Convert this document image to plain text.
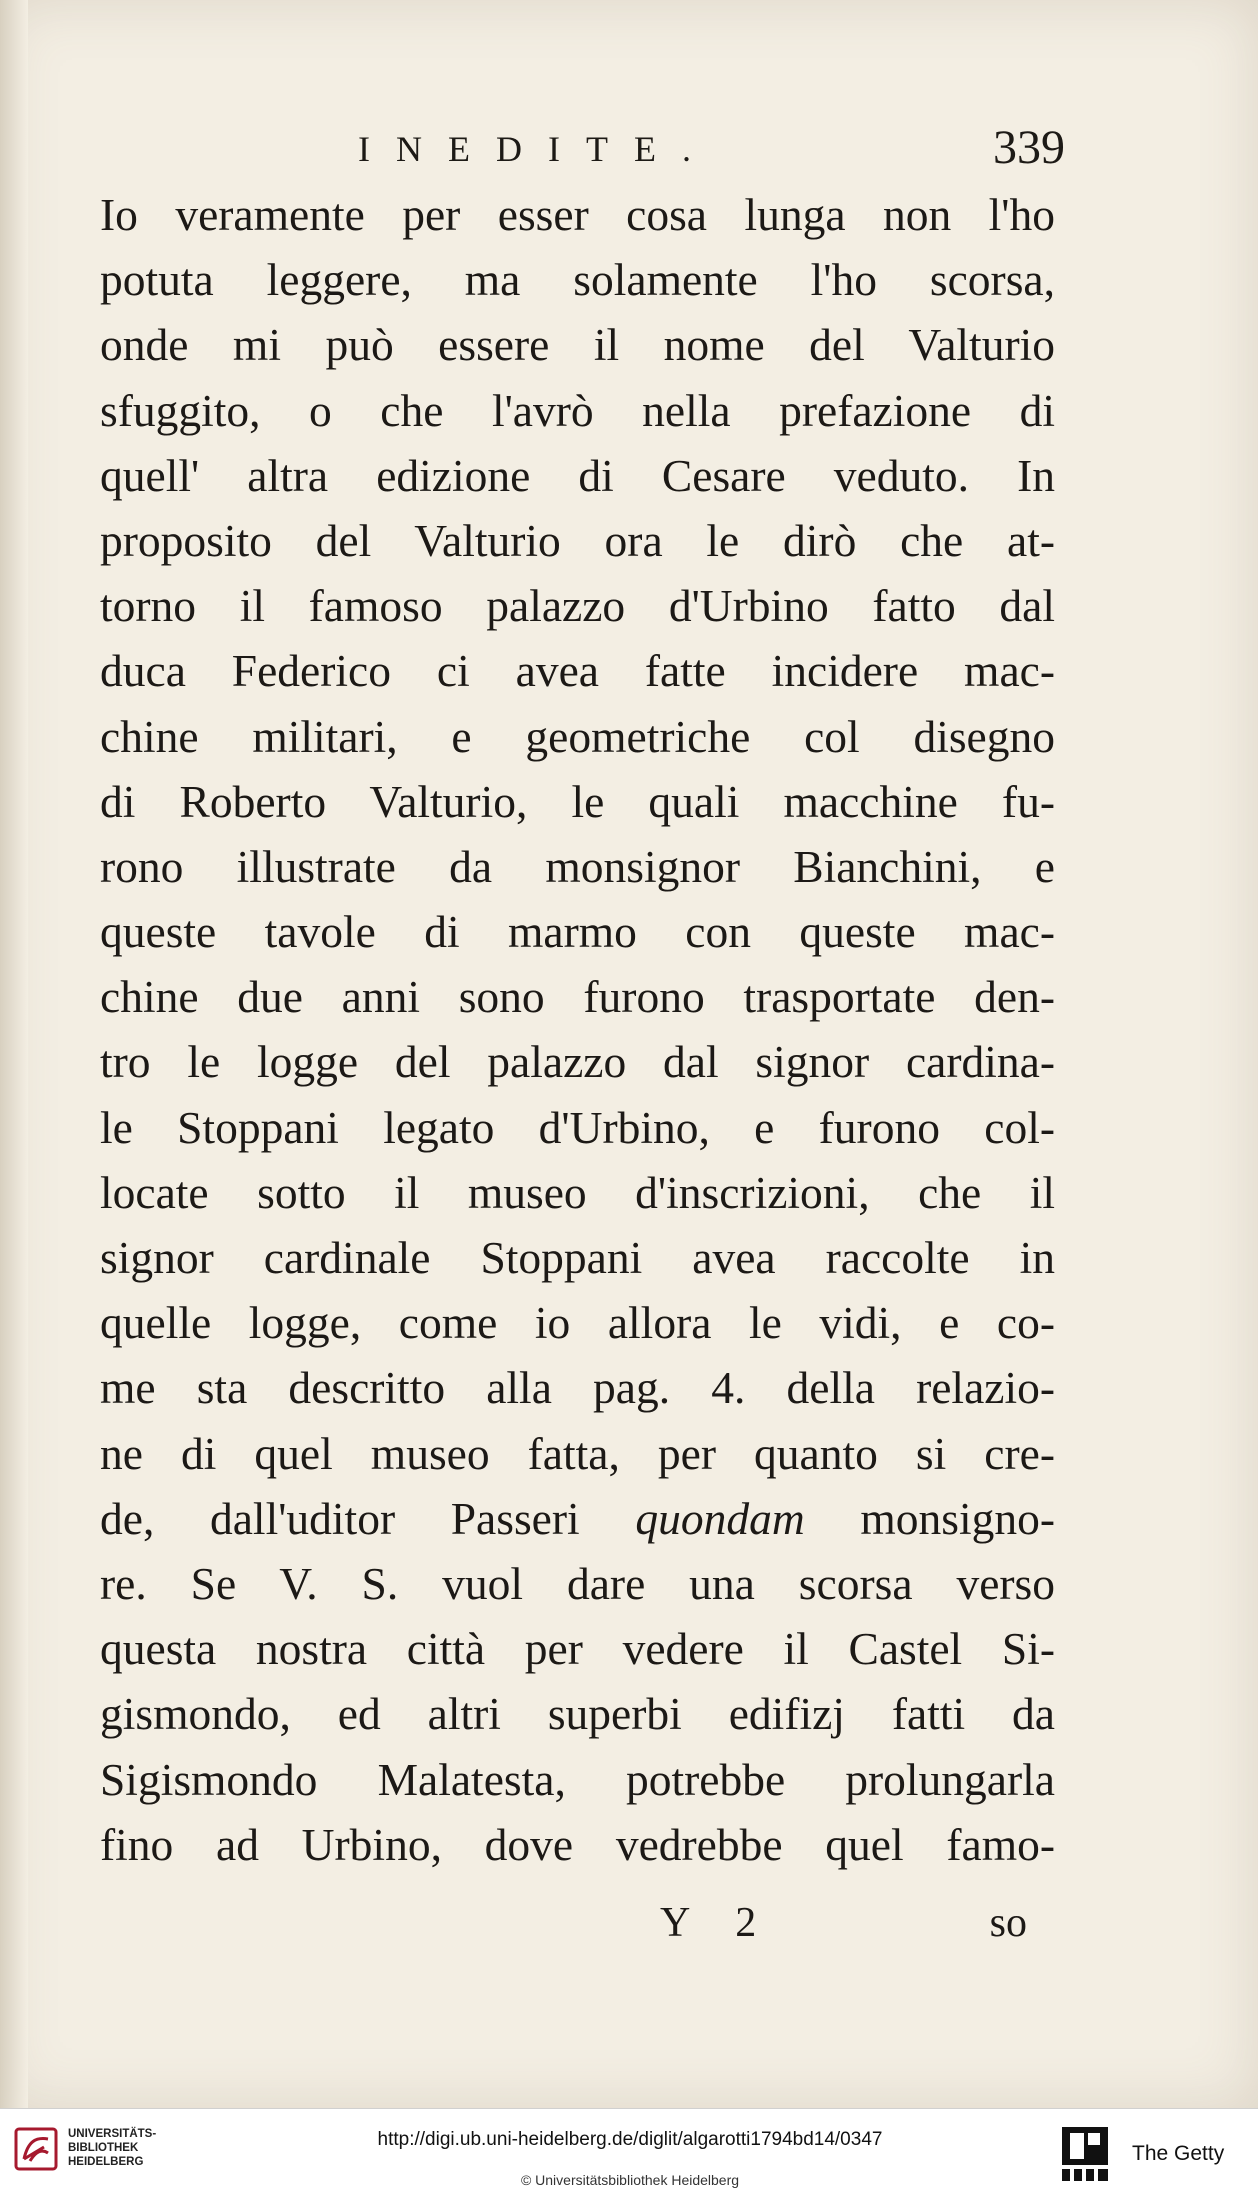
INEDITE.	339
Io veramente per esser cosa lunga non l'ho
potuta leggere, ma solamente l'ho scorsa,
onde mi può essere il nome del Valturio
sfuggito, o che l'avrò nella prefazione di
quell' altra edizione di Cesare veduto. In
proposito del Valturio ora le dirò che at-
torno il famoso palazzo d'Urbino fatto dal
duca Federico ci avea fatte incidere mac-
chine militari, e geometriche col disegno
di Roberto Valturio, le quali macchine fu-
rono illustrate da monsignor Bianchini, e
queste tavole di marmo con queste mac-
chine due anni sono furono trasportate den-
tro le logge del palazzo dal signor cardina-
le Stoppani legato d'Urbino, e furono col-
locate sotto il museo d'inscrizioni, che il
signor cardinale Stoppani avea raccolte in
quelle logge, come io allora le vidi, e co-
me sta descritto alla pag. 4. della relazio-
ne di quel museo fatta, per quanto si cre-
de, dall'uditor Passeri quondam monsigno-
re. Se V. S. vuol dare una scorsa verso
questa nostra città per vedere il Castel Si-
gismondo, ed altri superbi edifizj fatti da
Sigismondo Malatesta, potrebbe prolungarla
fino ad Urbino, dove vedrebbe quel famo-
Y 2	so
UNIVERSITÄTS-
BIBLIOTHEK
HEIDELBERG
http://digi.ub.uni-heidelberg.de/diglit/algarotti1794bd14/0347
© Universitätsbibliothek Heidelberg
The Getty
